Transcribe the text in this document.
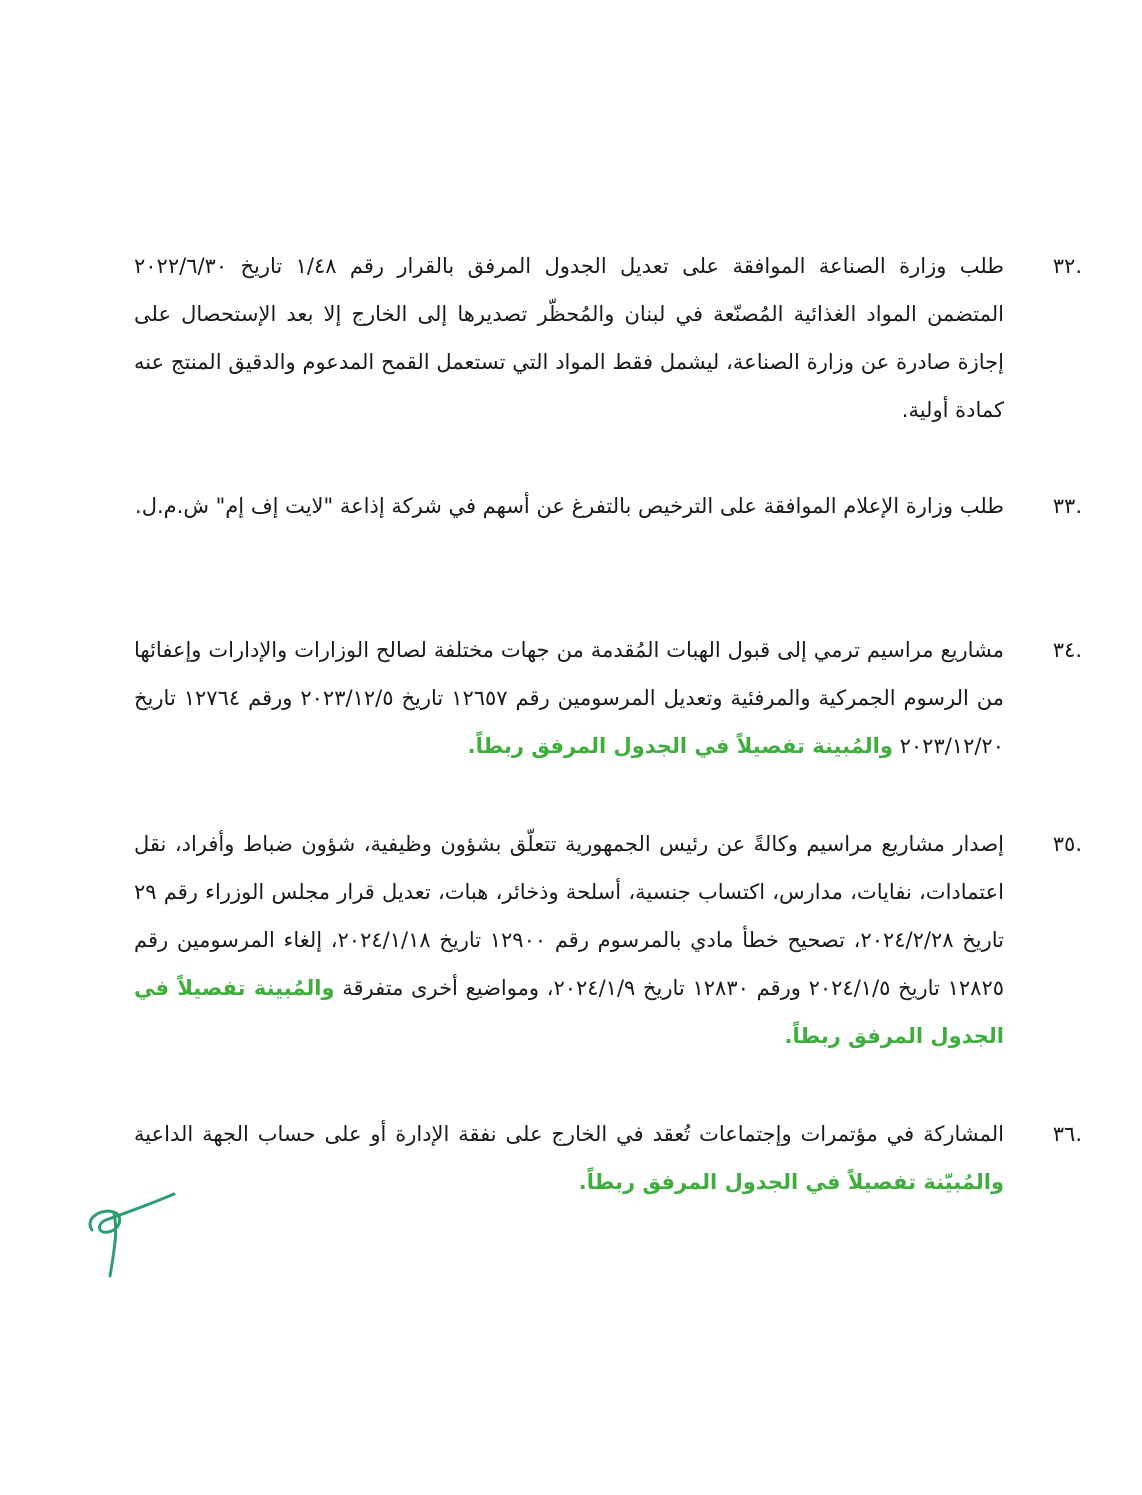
٣٢.
طلب وزارة الصناعة الموافقة على تعديل الجدول المرفق بالقرار رقم ١/٤٨ تاريخ ٢٠٢٢/٦/٣٠ المتضمن المواد الغذائية المُصنّعة في لبنان والمُحظّر تصديرها إلى الخارج إلا بعد الإستحصال على إجازة صادرة عن وزارة الصناعة، ليشمل فقط المواد التي تستعمل القمح المدعوم والدقيق المنتج عنه كمادة أولية.
٣٣.
طلب وزارة الإعلام الموافقة على الترخيص بالتفرغ عن أسهم في شركة إذاعة "لايت إف إم" ش.م.ل.
٣٤.
مشاريع مراسيم ترمي إلى قبول الهبات المُقدمة من جهات مختلفة لصالح الوزارات والإدارات وإعفائها من الرسوم الجمركية والمرفئية وتعديل المرسومين رقم ١٢٦٥٧ تاريخ ٢٠٢٣/١٢/٥ ورقم ١٢٧٦٤ تاريخ ٢٠٢٣/١٢/٢٠ والمُبينة تفصيلاً في الجدول المرفق ربطاً.
٣٥.
إصدار مشاريع مراسيم وكالةً عن رئيس الجمهورية تتعلّق بشؤون وظيفية، شؤون ضباط وأفراد، نقل اعتمادات، نفايات، مدارس، اكتساب جنسية، أسلحة وذخائر، هبات، تعديل قرار مجلس الوزراء رقم ٢٩ تاريخ ٢٠٢٤/٢/٢٨، تصحيح خطأ مادي بالمرسوم رقم ١٢٩٠٠ تاريخ ٢٠٢٤/١/١٨، إلغاء المرسومين رقم ١٢٨٢٥ تاريخ ٢٠٢٤/١/٥ ورقم ١٢٨٣٠ تاريخ ٢٠٢٤/١/٩، ومواضيع أخرى متفرقة والمُبينة تفصيلاً في الجدول المرفق ربطاً.
٣٦.
المشاركة في مؤتمرات وإجتماعات تُعقد في الخارج على نفقة الإدارة أو على حساب الجهة الداعية والمُبيّنة تفصيلاً في الجدول المرفق ربطاً.
